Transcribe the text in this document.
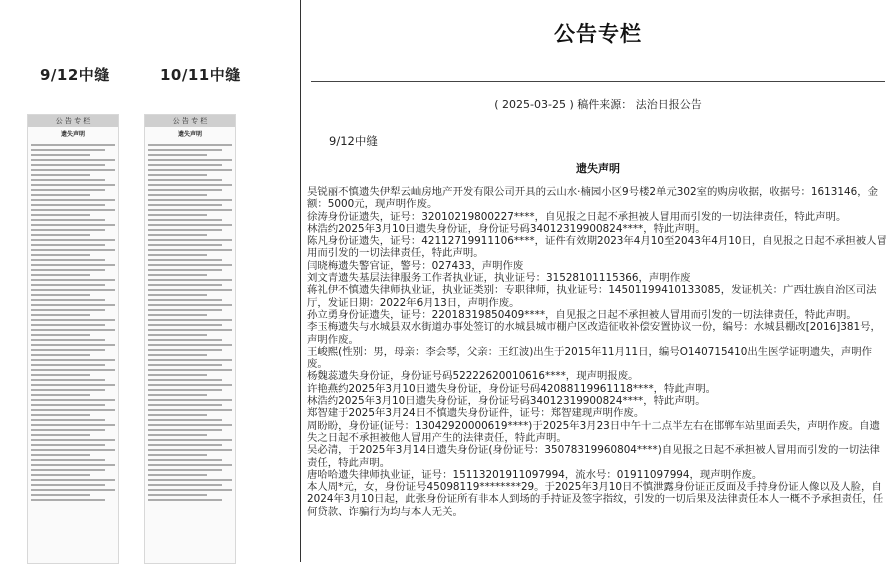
9/12中缝	10/11中缝
公 告 专 栏
遗失声明
公 告 专 栏
遗失声明
公告专栏
( 2025-03-25 ) 稿件来源： 法治日报公告
9/12中缝
遗失声明

昊锐丽不慎遗失伊犁云屾房地产开发有限公司开具的云山水·楠园小区9号楼2单元302室的购房收据，收据号：1613146，金额：5000元，现声明作废。

徐涛身份证遗失，证号：32010219800227****，自见报之日起不承担被人冒用而引发的一切法律责任，特此声明。

林浩约2025年3月10日遗失身份证，身份证号码34012319900824****，特此声明。

陈凡身份证遗失，证号：42112719911106****，证件有效期2023年4月10至2043年4月10日，自见报之日起不承担被人冒用而引发的一切法律责任，特此声明。

闫晓梅遗失警官证，警号：027433，声明作废

刘文青遗失基层法律服务工作者执业证，执业证号：31528101115366，声明作废

蒋礼伊不慎遗失律师执业证，执业证类别：专职律师，执业证号：14501199410133085，发证机关：广西壮族自治区司法厅，发证日期：2022年6月13日，声明作废。

孙立勇身份证遗失，证号：22018319850409****，自见报之日起不承担被人冒用而引发的一切法律责任，特此声明。

李玉梅遗失与水城县双水街道办事处签订的水城县城市棚户区改造征收补偿安置协议一份，编号：水城县棚改[2016]381号，声明作废。

王峻熙(性别：男，母亲：李会琴，父亲：王红波)出生于2015年11月11日，编号O140715410出生医学证明遗失，声明作废。

杨魏蕊遗失身份证，身份证号码52222620010616****，现声明报废。

许艳燕约2025年3月10日遗失身份证，身份证号码42088119961118****，特此声明。

林浩约2025年3月10日遗失身份证，身份证号码34012319900824****，特此声明。

郑智建于2025年3月24日不慎遗失身份证件，证号：郑智建现声明作废。

周盼盼，身份证(证号：13042920000619****)于2025年3月23日中午十二点半左右在邯郸车站里面丢失，声明作废。自遗失之日起不承担被他人冒用产生的法律责任，特此声明。

吴必清，于2025年3月14日遗失身份证(身份证号：35078319960804****)自见报之日起不承担被人冒用而引发的一切法律责任，特此声明。

唐哈哈遗失律师执业证，证号：15113201911097994，流水号：01911097994，现声明作废。

本人周*元，女，身份证号45098119********29。于2025年3月10日不慎泄露身份证正反面及手持身份证人像以及人脸，自2024年3月10日起，此张身份证所有非本人到场的手持证及签字指纹，引发的一切后果及法律责任本人一概不予承担责任，任何贷款、诈骗行为均与本人无关。
